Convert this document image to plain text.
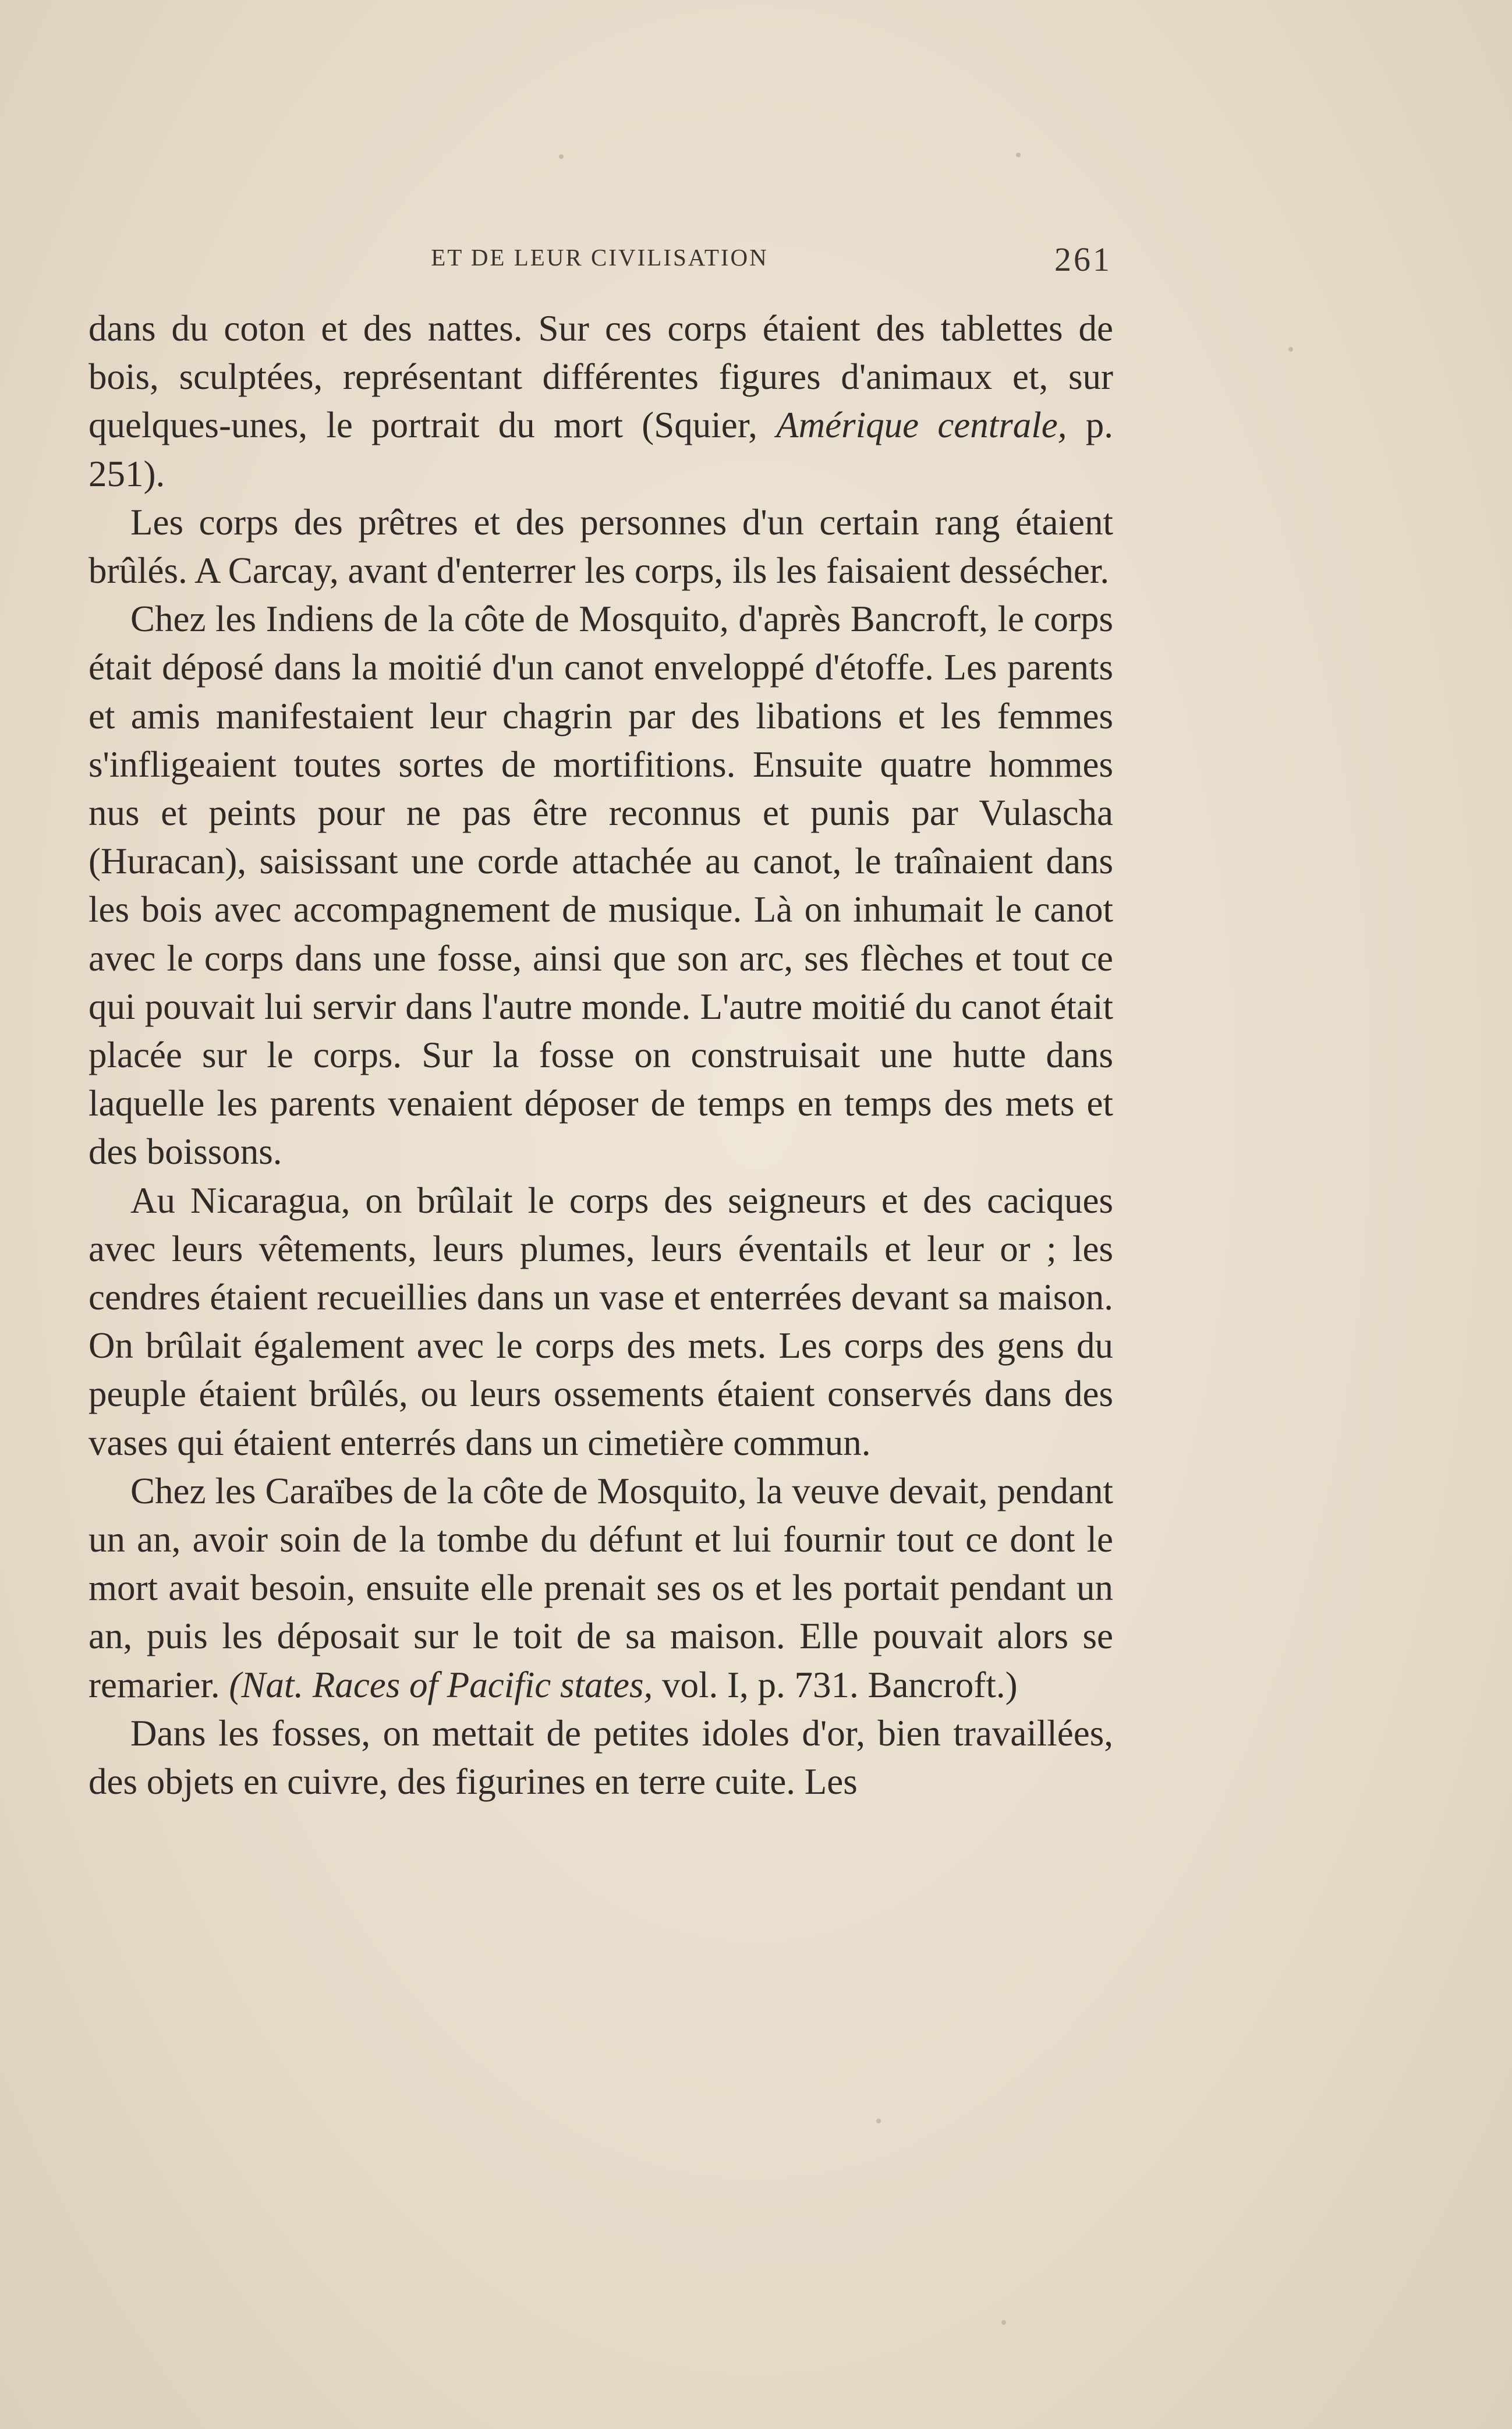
ET DE LEUR CIVILISATION	261

dans du coton et des nattes. Sur ces corps étaient des tablettes de bois, sculptées, représentant différentes figures d'animaux et, sur quelques-unes, le portrait du mort (Squier, Amérique centrale, p. 251).

Les corps des prêtres et des personnes d'un certain rang étaient brûlés. A Carcay, avant d'enterrer les corps, ils les faisaient dessécher.

Chez les Indiens de la côte de Mosquito, d'après Bancroft, le corps était déposé dans la moitié d'un canot enveloppé d'étoffe. Les parents et amis manifestaient leur chagrin par des libations et les femmes s'infligeaient toutes sortes de mortifitions. Ensuite quatre hommes nus et peints pour ne pas être reconnus et punis par Vulascha (Huracan), saisissant une corde attachée au canot, le traînaient dans les bois avec accompagnement de musique. Là on inhumait le canot avec le corps dans une fosse, ainsi que son arc, ses flèches et tout ce qui pouvait lui servir dans l'autre monde. L'autre moitié du canot était placée sur le corps. Sur la fosse on construisait une hutte dans laquelle les parents venaient déposer de temps en temps des mets et des boissons.

Au Nicaragua, on brûlait le corps des seigneurs et des caciques avec leurs vêtements, leurs plumes, leurs éventails et leur or ; les cendres étaient recueillies dans un vase et enterrées devant sa maison. On brûlait également avec le corps des mets. Les corps des gens du peuple étaient brûlés, ou leurs ossements étaient conservés dans des vases qui étaient enterrés dans un cimetière commun.

Chez les Caraïbes de la côte de Mosquito, la veuve devait, pendant un an, avoir soin de la tombe du défunt et lui fournir tout ce dont le mort avait besoin, ensuite elle prenait ses os et les portait pendant un an, puis les déposait sur le toit de sa maison. Elle pouvait alors se remarier. (Nat. Races of Pacific states, vol. I, p. 731. Bancroft.)

Dans les fosses, on mettait de petites idoles d'or, bien travaillées, des objets en cuivre, des figurines en terre cuite. Les
